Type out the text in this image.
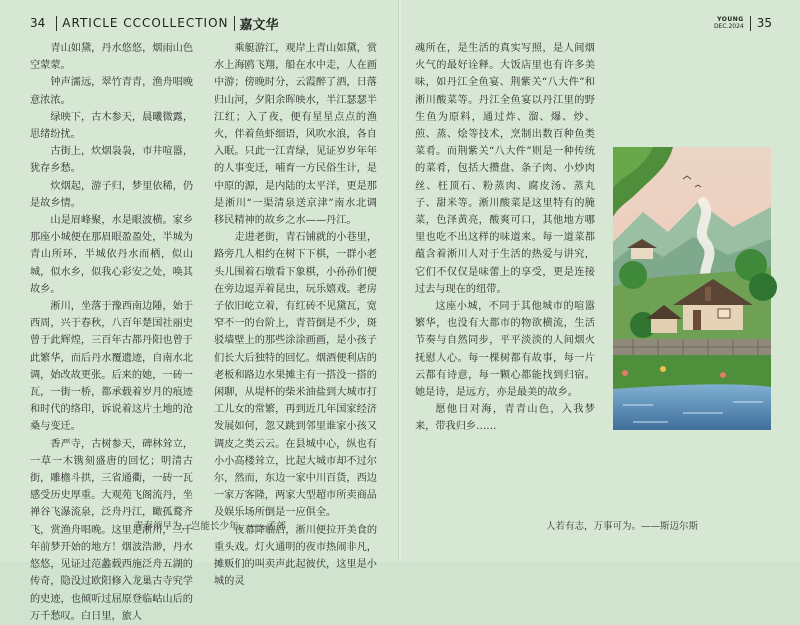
34 ARTICLE CCCOLLECTION 嘉文华

青山如黛，丹水悠悠，烟雨山色空蒙蒙。

钟声濡远，翠竹青青，渔舟唱晚意浓浓。

绿映下，古木参天，晨曦微露，思绪纷扰。

古街上，炊烟袅袅，市井喧嚣，犹存乡愁。

炊烟起，游子归，梦里依稀，仍是故乡情。

山是眉峰聚，水是眼波横。家乡那座小城便在那眉眼盈盈处，半城为青山所环，半城依丹水而栖，似山城，似水乡，似我心彩安之处，唤其故乡。

淅川，坐落于豫西南边陲，始于西周，兴于春秋，八百年楚国社丽史曾于此辉煌，三百年古都丹阳也曾于此繁华，而后丹水覆遗迹，自南水北调，始改故更张。后来的她，一砖一瓦，一街一桥，都承载着岁月的痕迹和时代的络印，诉说着这片土地的沧桑与变迁。

香严寺，古树参天，碑林耸立，一草一木镌刻盛唐的回忆；明清古街，雕檐斗拱，三省通衢，一砖一瓦感受历史厚重。大观苑飞阁流丹，坐禅谷飞瀑流泉，泛舟丹江，瞰孤鹜齐飞，赏渔舟唱晚。这里是淅川，三千年前梦开始的地方！烟波浩渺，丹水悠悠，见证过范蠡载西施泛舟五湖的传奇，隐没过欧阳修入龙巢古寺究学的史迹，也倾听过屈原登临岵山后的万千愁叹。白日里，旅人

乘艇游江，观岸上青山如黛，赏水上海鸥飞翔，船在水中走，人在画中游；傍晚时分，云霞醉了酒，日落归山河，夕阳余晖映水，半江瑟瑟半江红；入了夜，便有星星点点的渔火，伴着鱼虾细语，风吹水浪，各自入眠。只此一江青绿，见证岁岁年年的人事变迁，哺育一方民俗生计，是中原的源，是内陆的太平洋，更是那是淅川“一渠清泉送京津”南水北调移民精神的故乡之水——丹江。

走进老街，青石铺就的小巷里，路旁几人相约在树下下棋，一群小老头儿围着石墩看下象棋，小孙孙们便在旁边逗弄着昆虫，玩乐嬉戏。老房子依旧屹立着，有红砖不见黛瓦，宽窄不一的台阶上，青苔倒是不少，斑驳墙壁上的那些涂涂画画，是小孩子们长大后独特的回忆。烟酒便利店的老板和路边水果摊主有一搭没一搭的闲聊，从堤杯的柴米油盐到大城市打工儿女的常繁，再到近几年国家经济发展如何，忽又跳到邻里谁家小孩又调皮之类云云。在县城中心，纵也有小小高楼耸立，比起大城市却不过尔尔，然而，东边一家中川百货，西边一家万客隆，两家大型超市所卖商品及娱乐场所倒是一应俱全。

夜幕降临后，淅川便拉开美食的重头戏。灯火通明的夜市热闹非凡，摊贩们的叫卖声此起彼伏，这里是小城的灵

青春须早为，岂能长少年。——孟郊
YOUNG
DEC.2024 35

魂所在，是生活的真实写照，是人间烟火气的最好诠释。大饭店里也有许多美味，如丹江全鱼宴、荆紫关“八大件”和淅川酸菜等。丹江全鱼宴以丹江里的野生鱼为原料，通过炸、溜、爆、炒、煎、蒸、烩等技术，烹制出数百种鱼类菜肴。而荆紫关“八大件”则是一种传统的菜肴，包括大攒盘、条子肉、小炒肉丝、枉顶石、粉蒸肉、腐皮汤、蒸丸子、甜米等。淅川酸菜是这里特有的腌菜，色泽黄亮，酸爽可口，其他地方哪里也吃不出这样的味道来。每一道菜都蕴含着淅川人对于生活的热爱与讲究，它们不仅仅是味蕾上的享受，更是连接过去与现在的纽带。

这座小城，不同于其他城市的喧嚣繁华，也没有大都市的物欲横流，生活节奏与自然同步，平平淡淡的人间烟火抚慰人心。每一棵树都有故事，每一片云都有诗意，每一颗心都能找到归宿。她是诗，是远方，亦是最美的故乡。

愿他日对海，青青山色，入我梦来，带我归乡……

人若有志，万事可为。——斯迈尔斯
